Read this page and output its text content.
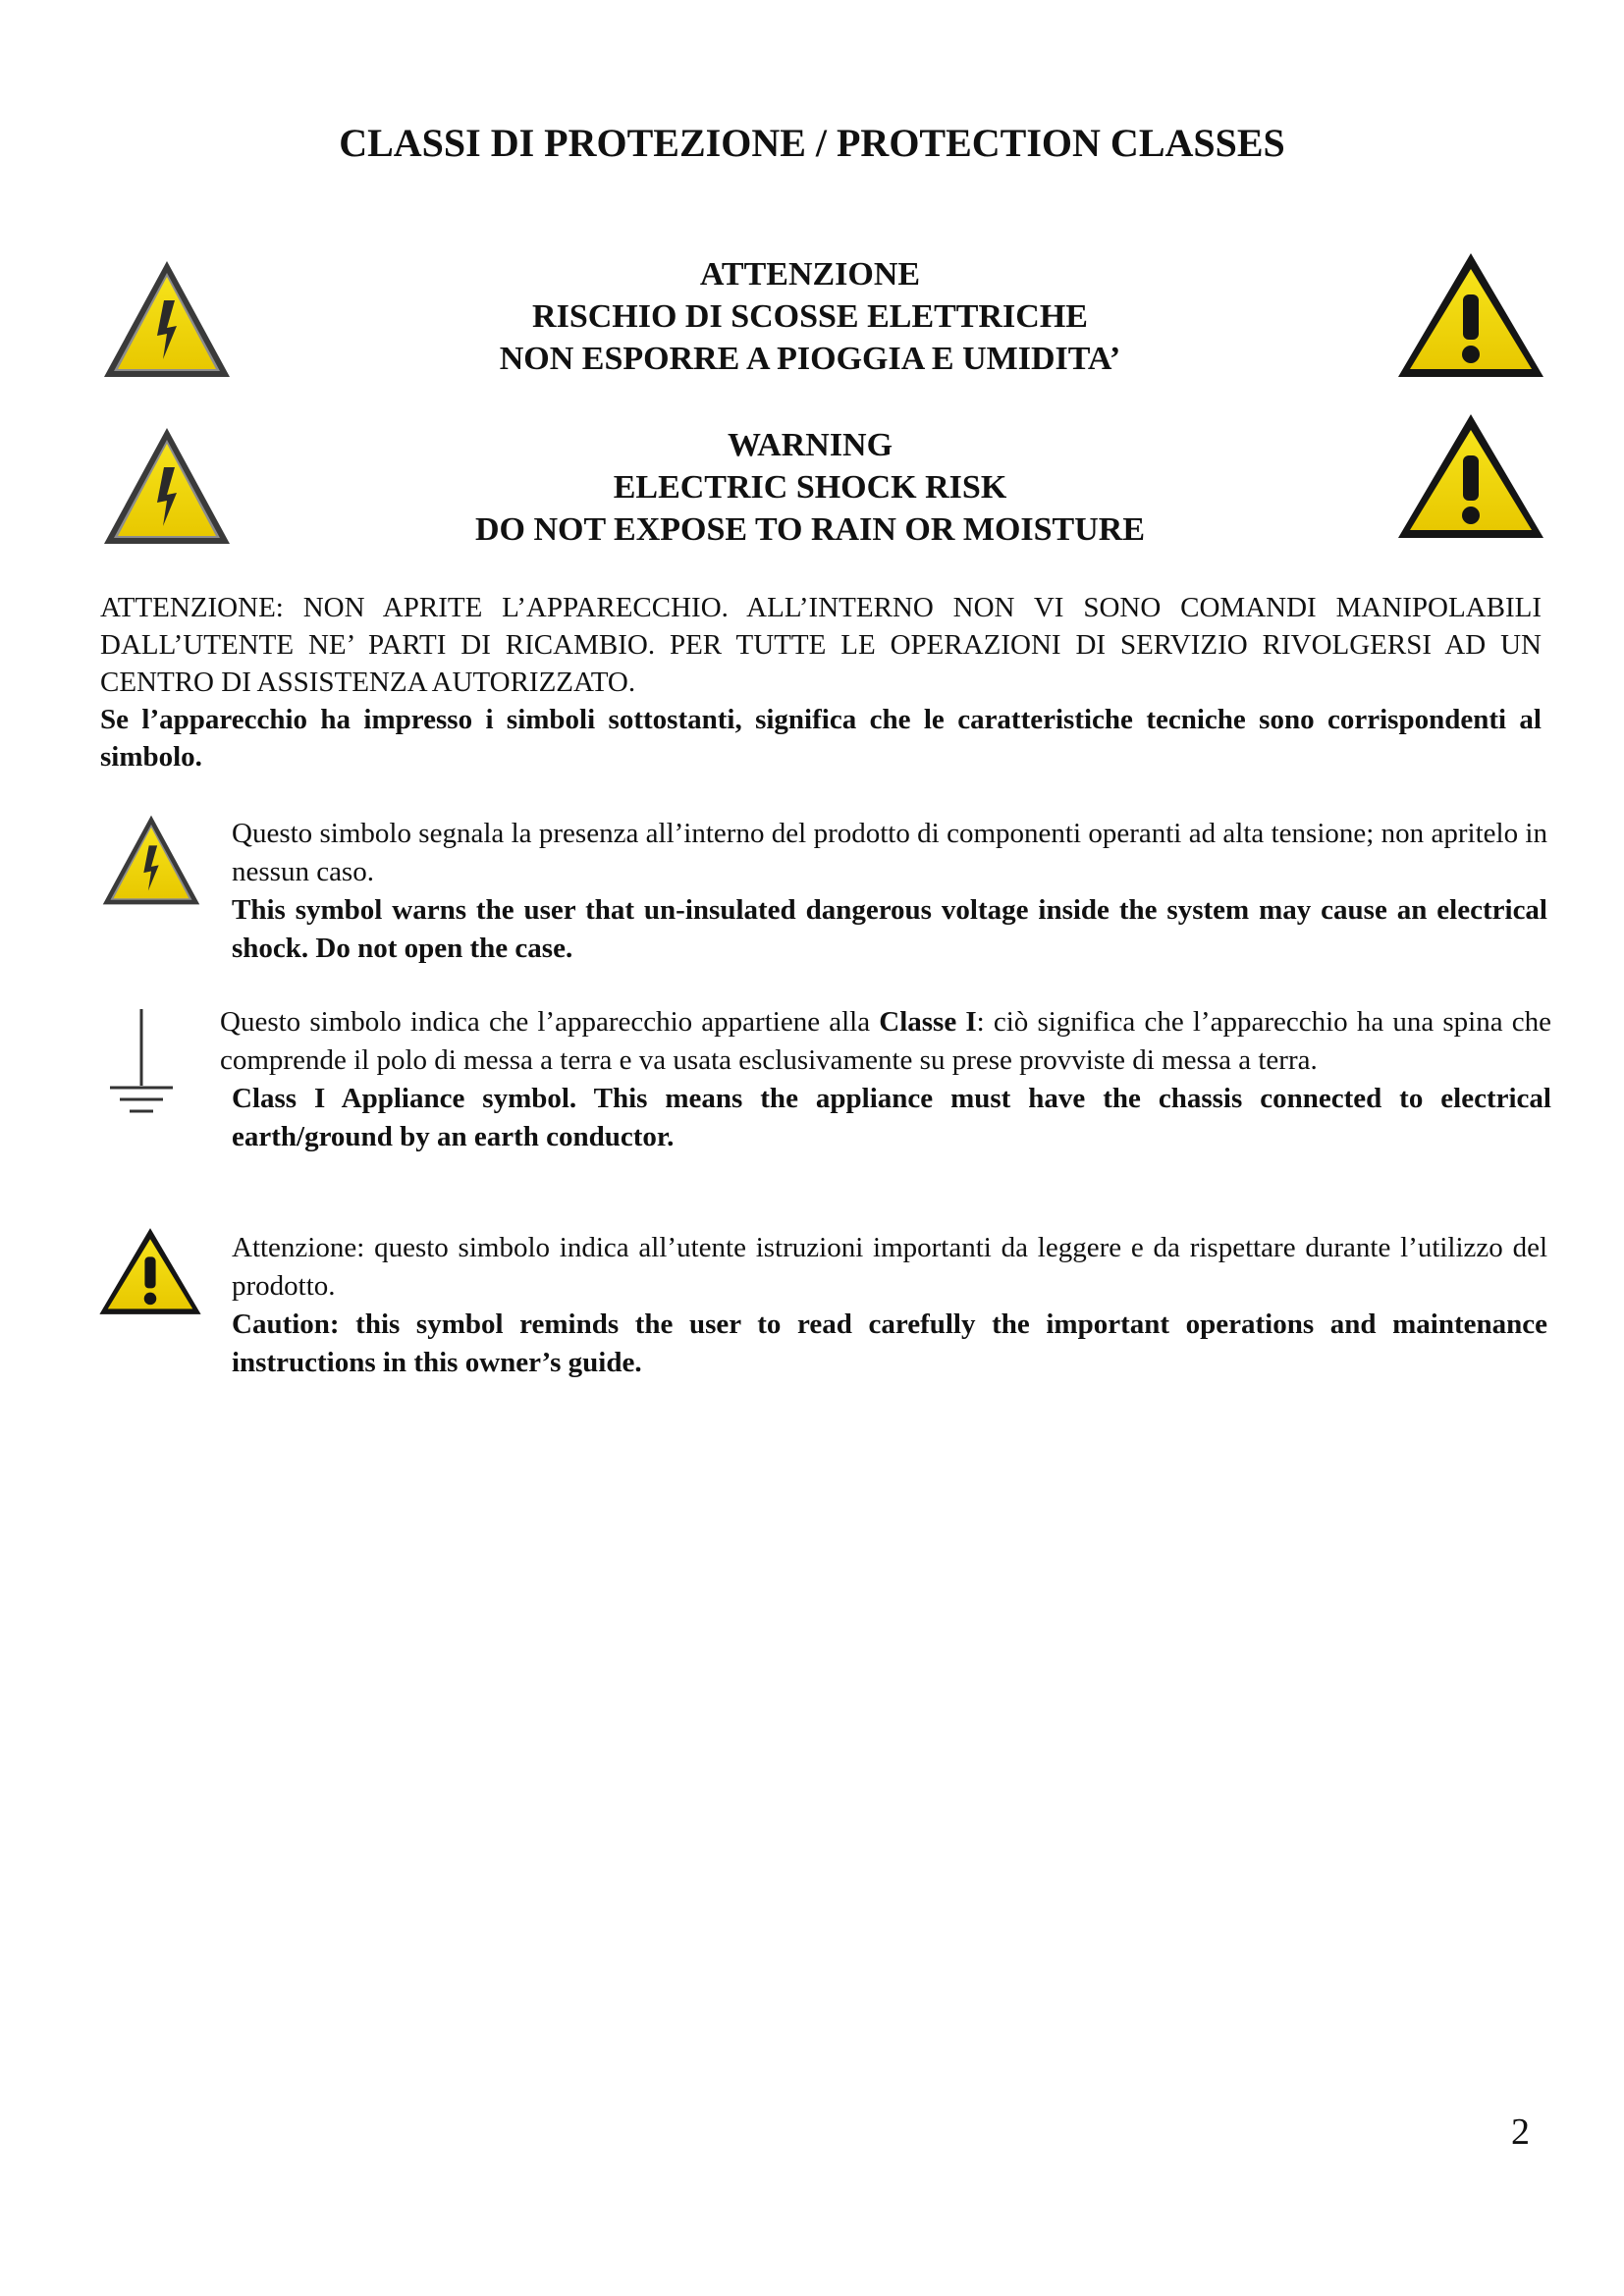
CLASSI DI PROTEZIONE / PROTECTION CLASSES
ATTENZIONE
RISCHIO DI SCOSSE ELETTRICHE
NON ESPORRE A PIOGGIA E UMIDITA’
WARNING
ELECTRIC SHOCK RISK
DO NOT EXPOSE TO RAIN OR MOISTURE
ATTENZIONE: NON APRITE L’APPARECCHIO. ALL’INTERNO NON VI SONO COMANDI MANIPOLABILI DALL’UTENTE NE’ PARTI DI RICAMBIO. PER TUTTE LE OPERAZIONI DI SERVIZIO RIVOLGERSI AD UN CENTRO DI ASSISTENZA AUTORIZZATO.
Se l’apparecchio ha impresso i simboli sottostanti, significa che le caratteristiche tecniche sono corrispondenti al simbolo.
Questo simbolo segnala la presenza all’interno del prodotto di componenti operanti ad alta tensione; non apritelo in nessun caso.
This symbol warns the user that un-insulated dangerous voltage inside the system may cause an electrical shock. Do not open the case.
Questo simbolo indica che l’apparecchio appartiene alla Classe I: ciò significa che l’apparecchio ha una spina che comprende il polo di messa a terra e va usata esclusivamente su prese provviste di messa a terra.
Class I Appliance symbol. This means the appliance must have the chassis connected to electrical earth/ground by an earth conductor.
Attenzione: questo simbolo indica all’utente istruzioni importanti da leggere e da rispettare durante l’utilizzo del prodotto.
Caution: this symbol reminds the user to read carefully the important operations and maintenance instructions in this owner’s guide.
2
